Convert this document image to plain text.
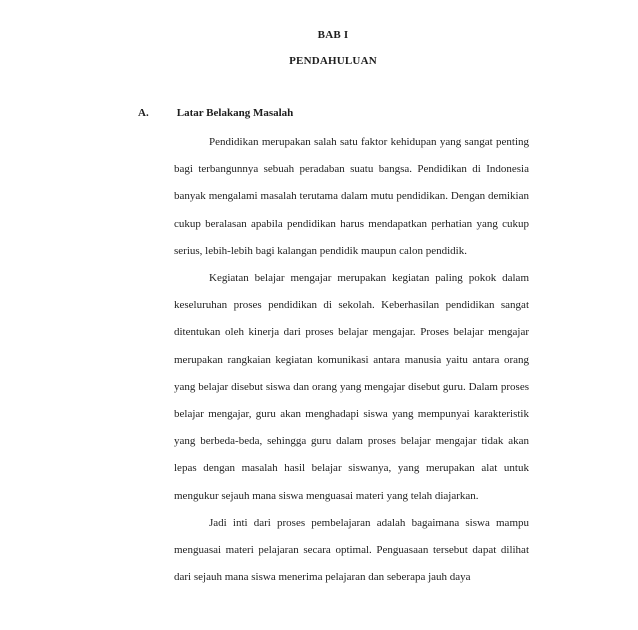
BAB I
PENDAHULUAN
A.	Latar Belakang Masalah

Pendidikan merupakan salah satu faktor kehidupan yang sangat penting bagi terbangunnya sebuah peradaban suatu bangsa. Pendidikan di Indonesia banyak mengalami masalah terutama dalam mutu pendidikan. Dengan demikian cukup beralasan apabila pendidikan harus mendapatkan perhatian yang cukup serius, lebih-lebih bagi kalangan pendidik maupun calon pendidik.

Kegiatan belajar mengajar merupakan kegiatan paling pokok dalam keseluruhan proses pendidikan di sekolah. Keberhasilan pendidikan sangat ditentukan oleh kinerja dari proses belajar mengajar. Proses belajar mengajar merupakan rangkaian kegiatan komunikasi antara manusia yaitu antara orang yang belajar disebut siswa dan orang yang mengajar disebut guru. Dalam proses belajar mengajar, guru akan menghadapi siswa yang mempunyai karakteristik yang berbeda-beda, sehingga guru dalam proses belajar mengajar tidak akan lepas dengan masalah hasil belajar siswanya, yang merupakan alat untuk mengukur sejauh mana siswa menguasai materi yang telah diajarkan.

Jadi inti dari proses pembelajaran adalah bagaimana siswa mampu menguasai materi pelajaran secara optimal. Penguasaan tersebut dapat dilihat dari sejauh mana siswa menerima pelajaran dan seberapa jauh daya
